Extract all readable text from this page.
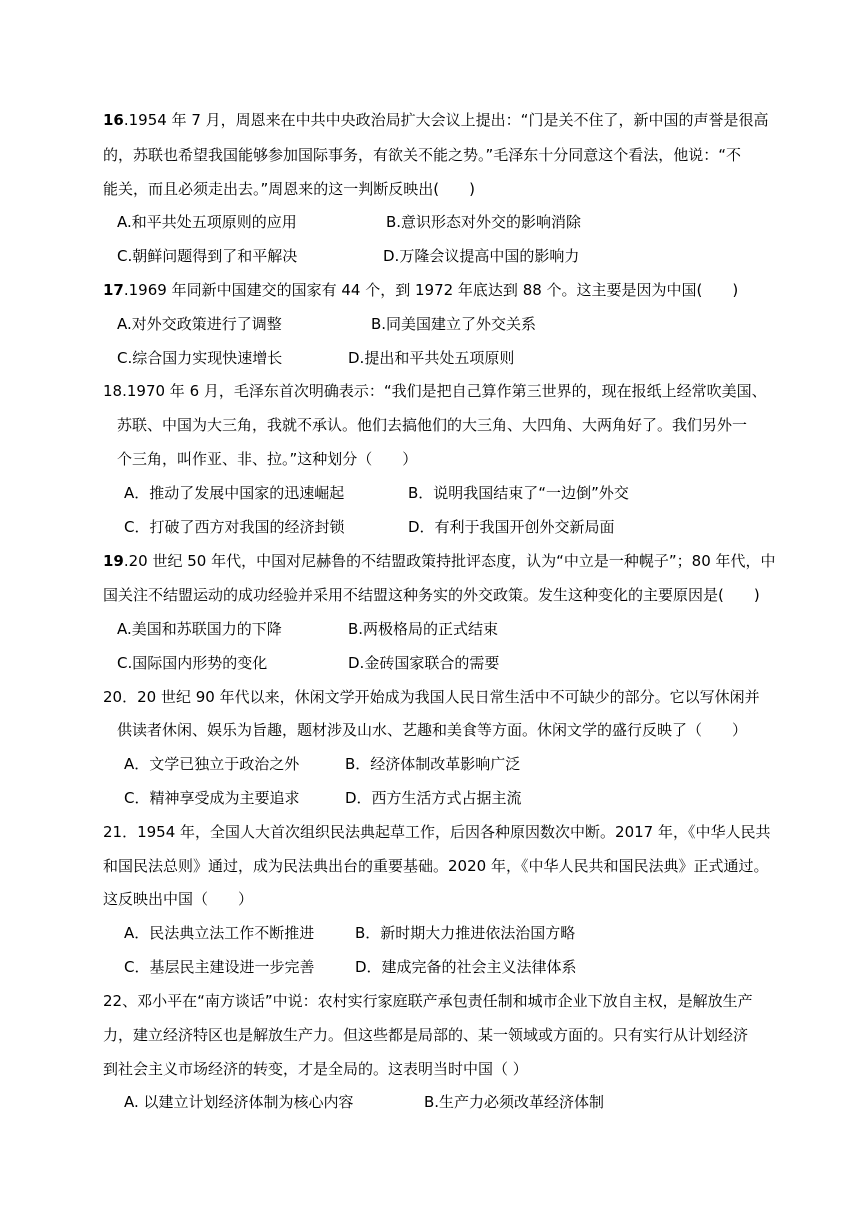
16.1954 年 7 月，周恩来在中共中央政治局扩大会议上提出：“门是关不住了，新中国的声誉是很高
的，苏联也希望我国能够参加国际事务，有欲关不能之势。”毛泽东十分同意这个看法，他说：“不
能关，而且必须走出去。”周恩来的这一判断反映出(　　)
A.和平共处五项原则的应用	B.意识形态对外交的影响消除
C.朝鲜问题得到了和平解决	D.万隆会议提高中国的影响力
17.1969 年同新中国建交的国家有 44 个，到 1972 年底达到 88 个。这主要是因为中国(　　)
A.对外交政策进行了调整	B.同美国建立了外交关系
C.综合国力实现快速增长	D.提出和平共处五项原则
18.1970 年 6 月，毛泽东首次明确表示：“我们是把自己算作第三世界的，现在报纸上经常吹美国、
苏联、中国为大三角，我就不承认。他们去搞他们的大三角、大四角、大两角好了。我们另外一
个三角，叫作亚、非、拉。”这种划分（　　）
A．推动了发展中国家的迅速崛起	B．说明我国结束了“一边倒”外交
C．打破了西方对我国的经济封锁	D．有利于我国开创外交新局面
19.20 世纪 50 年代，中国对尼赫鲁的不结盟政策持批评态度，认为“中立是一种幌子”；80 年代，中
国关注不结盟运动的成功经验并采用不结盟这种务实的外交政策。发生这种变化的主要原因是(　　)
A.美国和苏联国力的下降	B.两极格局的正式结束
C.国际国内形势的变化	D.金砖国家联合的需要
20．20 世纪 90 年代以来，休闲文学开始成为我国人民日常生活中不可缺少的部分。它以写休闲并
供读者休闲、娱乐为旨趣，题材涉及山水、艺趣和美食等方面。休闲文学的盛行反映了（　　）
A．文学已独立于政治之外	B．经济体制改革影响广泛
C．精神享受成为主要追求	D．西方生活方式占据主流
21．1954 年，全国人大首次组织民法典起草工作，后因各种原因数次中断。2017 年，《中华人民共
和国民法总则》通过，成为民法典出台的重要基础。2020 年，《中华人民共和国民法典》正式通过。
这反映出中国（　　）
A．民法典立法工作不断推进	B．新时期大力推进依法治国方略
C．基层民主建设进一步完善	D．建成完备的社会主义法律体系
22、邓小平在“南方谈话”中说：农村实行家庭联产承包责任制和城市企业下放自主权，是解放生产
力，建立经济特区也是解放生产力。但这些都是局部的、某一领域或方面的。只有实行从计划经济
到社会主义市场经济的转变，才是全局的。这表明当时中国（ ）
A. 以建立计划经济体制为核心内容	B.生产力必须改革经济体制
